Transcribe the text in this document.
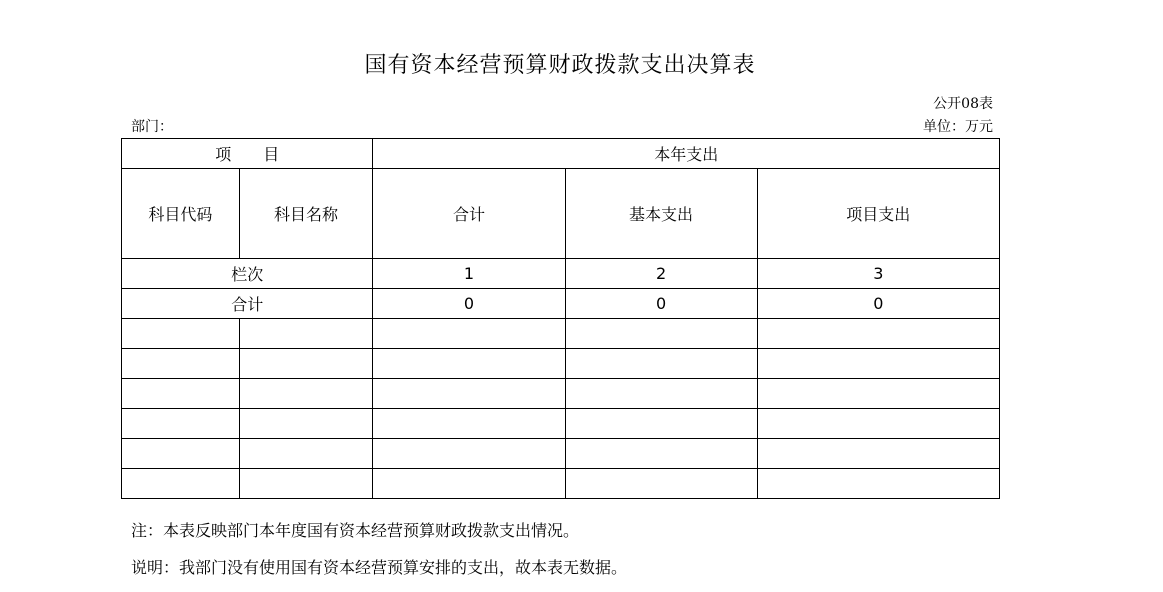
国有资本经营预算财政拨款支出决算表
公开08表
部门：	单位：万元
项　　目		本年支出		
科目代码	科目名称	合计	基本支出	项目支出
栏次		1	2	3
合计		0	0	0

注：本表反映部门本年度国有资本经营预算财政拨款支出情况。
说明：我部门没有使用国有资本经营预算安排的支出，故本表无数据。
